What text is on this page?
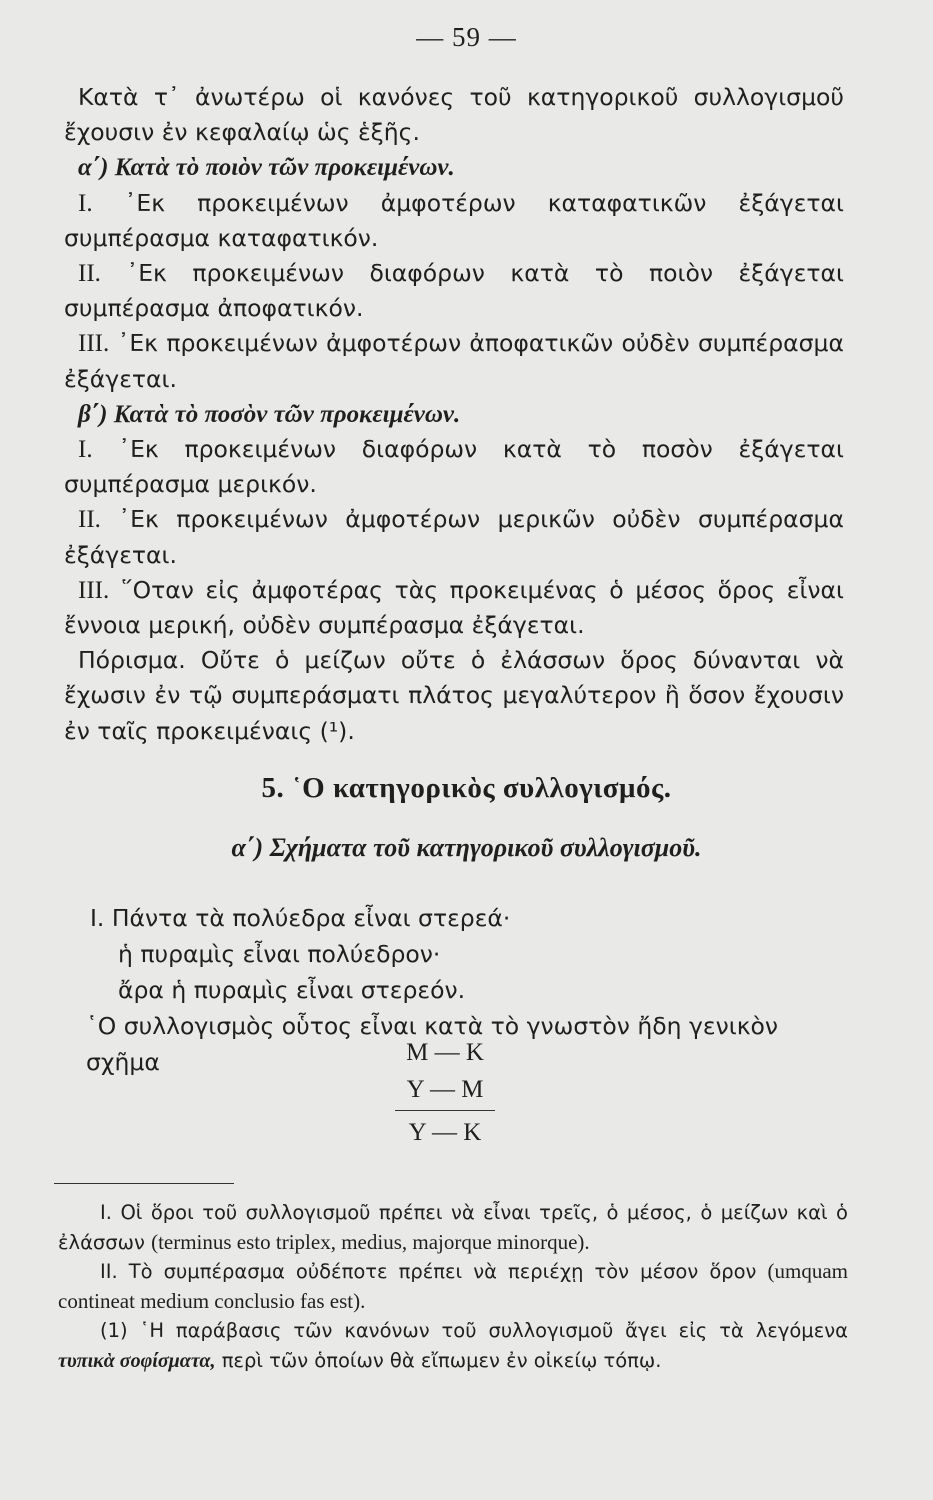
— 59 —

Κατὰ τ᾽ ἀνωτέρω οἱ κανόνες τοῦ κατηγορικοῦ συλλογισμοῦ ἔχουσιν ἐν κεφαλαίῳ ὡς ἑξῆς.

α΄) Κατὰ τὸ ποιὸν τῶν προκειμένων.

I. ᾿Εκ προκειμένων ἀμφοτέρων καταφατικῶν ἐξάγεται συμπέρασμα καταφατικόν.

II. ᾿Εκ προκειμένων διαφόρων κατὰ τὸ ποιὸν ἐξάγεται συμπέρασμα ἀποφατικόν.

III. ᾿Εκ προκειμένων ἀμφοτέρων ἀποφατικῶν οὐδὲν συμπέρασμα ἐξάγεται.

β΄) Κατὰ τὸ ποσὸν τῶν προκειμένων.

I. ᾿Εκ προκειμένων διαφόρων κατὰ τὸ ποσὸν ἐξάγεται συμπέρασμα μερικόν.

II. ᾿Εκ προκειμένων ἀμφοτέρων μερικῶν οὐδὲν συμπέρασμα ἐξάγεται.

III. ῞Οταν εἰς ἀμφοτέρας τὰς προκειμένας ὁ μέσος ὅρος εἶναι ἔννοια μερική, οὐδὲν συμπέρασμα ἐξάγεται.

Πόρισμα. Οὔτε ὁ μείζων οὔτε ὁ ἐλάσσων ὅρος δύνανται νὰ ἔχωσιν ἐν τῷ συμπεράσματι πλάτος μεγαλύτερον ἢ ὅσον ἔχουσιν ἐν ταῖς προκειμέναις (¹).

5. ῾Ο κατηγορικὸς συλλογισμός.
α΄) Σχήματα τοῦ κατηγορικοῦ συλλογισμοῦ.
I. Πάντα τὰ πολύεδρα εἶναι στερεά·
ἡ πυραμὶς εἶναι πολύεδρον·
ἄρα ἡ πυραμὶς εἶναι στερεόν.
῾Ο συλλογισμὸς οὗτος εἶναι κατὰ τὸ γνωστὸν ἤδη γενικὸν σχῆμα	M — K
Y — M
Y — K

I. Οἱ ὅροι τοῦ συλλογισμοῦ πρέπει νὰ εἶναι τρεῖς, ὁ μέσος, ὁ μείζων καὶ ὁ ἐλάσσων (terminus esto triplex, medius, majorque minorque).

II. Τὸ συμπέρασμα οὐδέποτε πρέπει νὰ περιέχῃ τὸν μέσον ὅρον (umquam contineat medium conclusio fas est).

(1) ῾Η παράβασις τῶν κανόνων τοῦ συλλογισμοῦ ἄγει εἰς τὰ λεγόμενα τυπικὰ σοφίσματα, περὶ τῶν ὁποίων θὰ εἴπωμεν ἐν οἰκείῳ τόπῳ.
